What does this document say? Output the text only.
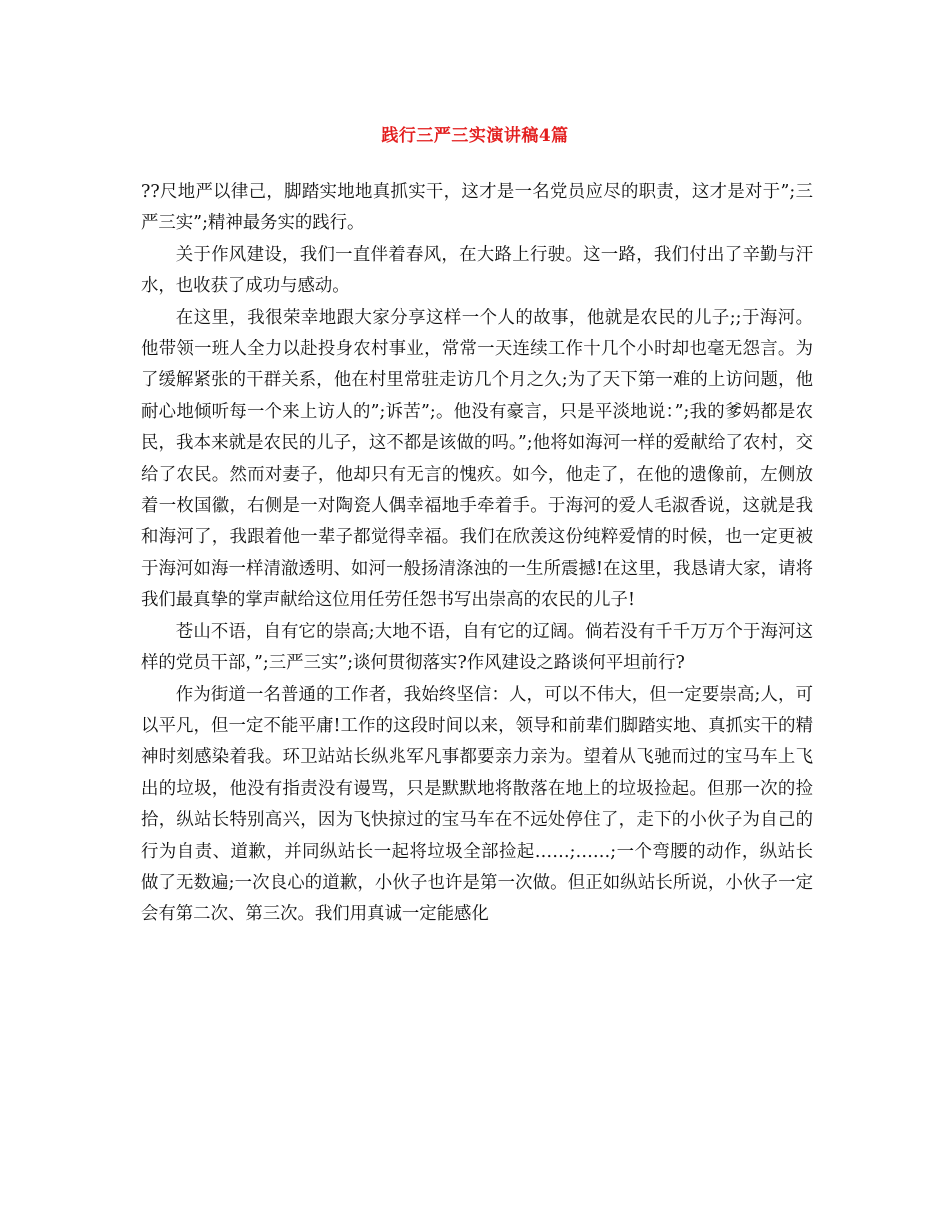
践行三严三实演讲稿4篇

??尺地严以律己，脚踏实地地真抓实干，这才是一名党员应尽的职责，这才是对于”;三严三实”;精神最务实的践行。

关于作风建设，我们一直伴着春风，在大路上行驶。这一路，我们付出了辛勤与汗水，也收获了成功与感动。

在这里，我很荣幸地跟大家分享这样一个人的故事，他就是农民的儿子;;于海河。他带领一班人全力以赴投身农村事业，常常一天连续工作十几个小时却也毫无怨言。为了缓解紧张的干群关系，他在村里常驻走访几个月之久;为了天下第一难的上访问题，他耐心地倾听每一个来上访人的”;诉苦”;。他没有豪言，只是平淡地说：”;我的爹妈都是农民，我本来就是农民的儿子，这不都是该做的吗。”;他将如海河一样的爱献给了农村，交给了农民。然而对妻子，他却只有无言的愧疚。如今，他走了，在他的遗像前，左侧放着一枚国徽，右侧是一对陶瓷人偶幸福地手牵着手。于海河的爱人毛淑香说，这就是我和海河了，我跟着他一辈子都觉得幸福。我们在欣羡这份纯粹爱情的时候，也一定更被于海河如海一样清澈透明、如河一般扬清涤浊的一生所震撼!在这里，我恳请大家，请将我们最真挚的掌声献给这位用任劳任怨书写出崇高的农民的儿子!

苍山不语，自有它的崇高;大地不语，自有它的辽阔。倘若没有千千万万个于海河这样的党员干部，”;三严三实”;谈何贯彻落实?作风建设之路谈何平坦前行?

作为街道一名普通的工作者，我始终坚信：人，可以不伟大，但一定要崇高;人，可以平凡，但一定不能平庸!工作的这段时间以来，领导和前辈们脚踏实地、真抓实干的精神时刻感染着我。环卫站站长纵兆军凡事都要亲力亲为。望着从飞驰而过的宝马车上飞出的垃圾，他没有指责没有谩骂，只是默默地将散落在地上的垃圾捡起。但那一次的捡拾，纵站长特别高兴，因为飞快掠过的宝马车在不远处停住了，走下的小伙子为自己的行为自责、道歉，并同纵站长一起将垃圾全部捡起……;……;一个弯腰的动作，纵站长做了无数遍;一次良心的道歉，小伙子也许是第一次做。但正如纵站长所说，小伙子一定会有第二次、第三次。我们用真诚一定能感化
